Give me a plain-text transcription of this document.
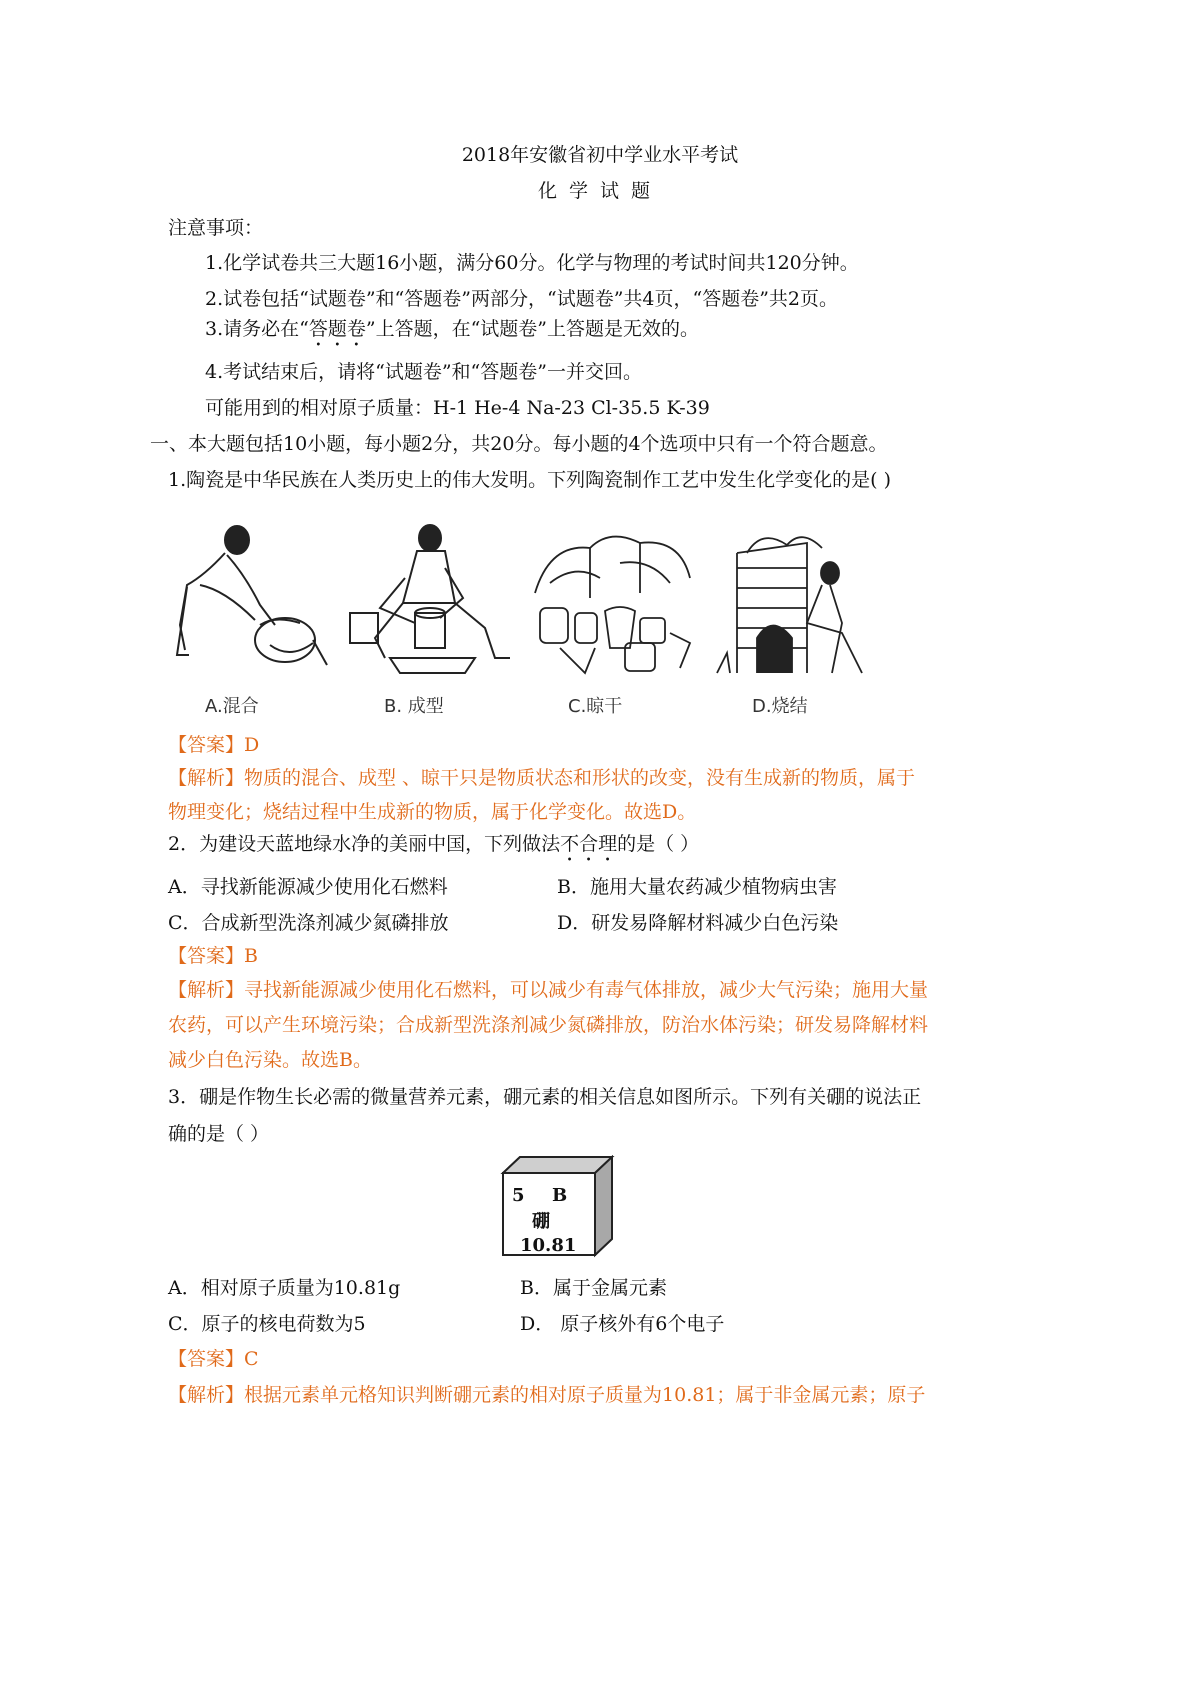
2018年安徽省初中学业水平考试
化学试题
注意事项：
1.化学试卷共三大题16小题，满分60分。化学与物理的考试时间共120分钟。
2.试卷包括“试题卷”和“答题卷”两部分，“试题卷”共4页，“答题卷”共2页。
3.请务必在“答题卷”上答题，在“试题卷”上答题是无效的。
4.考试结束后，请将“试题卷”和“答题卷”一并交回。
可能用到的相对原子质量：H-1 He-4 Na-23 Cl-35.5 K-39
一、本大题包括10小题，每小题2分，共20分。每小题的4个选项中只有一个符合题意。
1.陶瓷是中华民族在人类历史上的伟大发明。下列陶瓷制作工艺中发生化学变化的是( )
A.混合	B. 成型	C.晾干	D.烧结
【答案】D
【解析】物质的混合、成型 、晾干只是物质状态和形状的改变，没有生成新的物质，属于
物理变化；烧结过程中生成新的物质，属于化学变化。故选D。
2．为建设天蓝地绿水净的美丽中国，下列做法不合理的是（ ）
A．寻找新能源减少使用化石燃料	B．施用大量农药减少植物病虫害
C．合成新型洗涤剂减少氮磷排放	D．研发易降解材料减少白色污染
【答案】B
【解析】寻找新能源减少使用化石燃料，可以减少有毒气体排放，减少大气污染；施用大量
农药，可以产生环境污染；合成新型洗涤剂减少氮磷排放，防治水体污染；研发易降解材料
减少白色污染。故选B。
3．硼是作物生长必需的微量营养元素，硼元素的相关信息如图所示。下列有关硼的说法正
确的是（ ）
5 B
硼
10.81
A．相对原子质量为10.81g	B．属于金属元素
C．原子的核电荷数为5	D． 原子核外有6个电子
【答案】C
【解析】根据元素单元格知识判断硼元素的相对原子质量为10.81；属于非金属元素；原子
